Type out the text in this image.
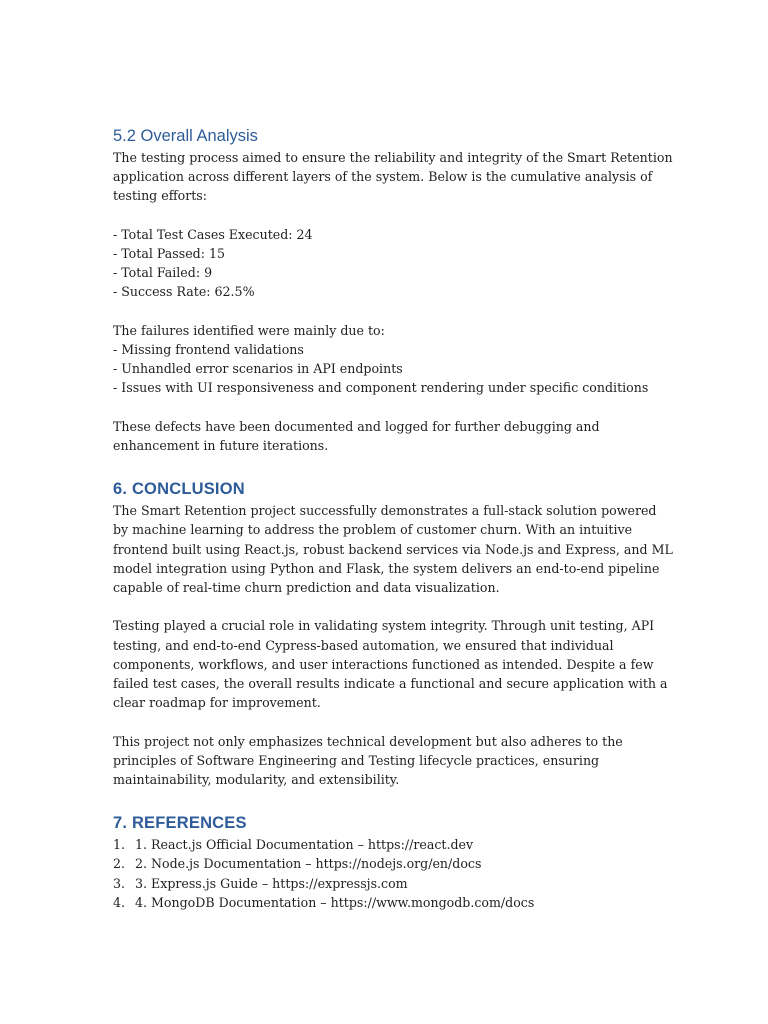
5.2 Overall Analysis

The testing process aimed to ensure the reliability and integrity of the Smart Retention application across different layers of the system. Below is the cumulative analysis of testing efforts:

- Total Test Cases Executed: 24

- Total Passed: 15

- Total Failed: 9

- Success Rate: 62.5%

The failures identified were mainly due to:

- Missing frontend validations

- Unhandled error scenarios in API endpoints

- Issues with UI responsiveness and component rendering under specific conditions

These defects have been documented and logged for further debugging and enhancement in future iterations.

6. CONCLUSION

The Smart Retention project successfully demonstrates a full-stack solution powered by machine learning to address the problem of customer churn. With an intuitive frontend built using React.js, robust backend services via Node.js and Express, and ML model integration using Python and Flask, the system delivers an end-to-end pipeline capable of real-time churn prediction and data visualization.

Testing played a crucial role in validating system integrity. Through unit testing, API testing, and end-to-end Cypress-based automation, we ensured that individual components, workflows, and user interactions functioned as intended. Despite a few failed test cases, the overall results indicate a functional and secure application with a clear roadmap for improvement.

This project not only emphasizes technical development but also adheres to the principles of Software Engineering and Testing lifecycle practices, ensuring maintainability, modularity, and extensibility.

7. REFERENCES
1. 1. React.js Official Documentation – https://react.dev
2. 2. Node.js Documentation – https://nodejs.org/en/docs
3. 3. Express.js Guide – https://expressjs.com
4. 4. MongoDB Documentation – https://www.mongodb.com/docs
